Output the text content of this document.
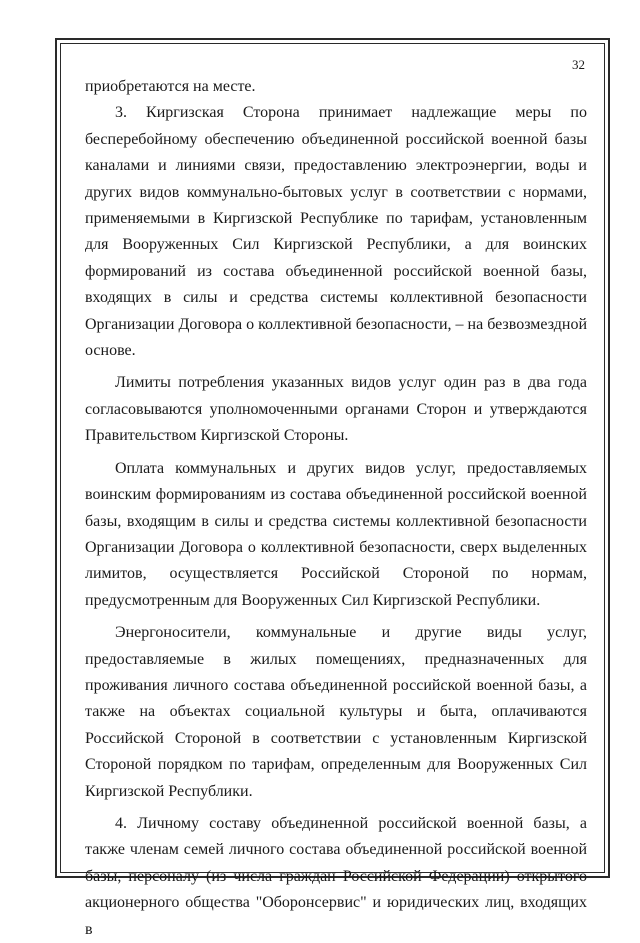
32

приобретаются на месте.

3. Киргизская Сторона принимает надлежащие меры по бесперебойному обеспечению объединенной российской военной базы каналами и линиями связи, предоставлению электроэнергии, воды и других видов коммунально-бытовых услуг в соответствии с нормами, применяемыми в Киргизской Республике по тарифам, установленным для Вооруженных Сил Киргизской Республики, а для воинских формирований из состава объединенной российской военной базы, входящих в силы и средства системы коллективной безопасности Организации Договора о коллективной безопасности, – на безвозмездной основе.

Лимиты потребления указанных видов услуг один раз в два года согласовываются уполномоченными органами Сторон и утверждаются Правительством Киргизской Стороны.

Оплата коммунальных и других видов услуг, предоставляемых воинским формированиям из состава объединенной российской военной базы, входящим в силы и средства системы коллективной безопасности Организации Договора о коллективной безопасности, сверх выделенных лимитов, осуществляется Российской Стороной по нормам, предусмотренным для Вооруженных Сил Киргизской Республики.

Энергоносители, коммунальные и другие виды услуг, предоставляемые в жилых помещениях, предназначенных для проживания личного состава объединенной российской военной базы, а также на объектах социальной культуры и быта, оплачиваются Российской Стороной в соответствии с установленным Киргизской Стороной порядком по тарифам, определенным для Вооруженных Сил Киргизской Республики.

4. Личному составу объединенной российской военной базы, а также членам семей личного состава объединенной российской военной базы, персоналу (из числа граждан Российской Федерации) открытого акционерного общества "Оборонсервис" и юридических лиц, входящих в
